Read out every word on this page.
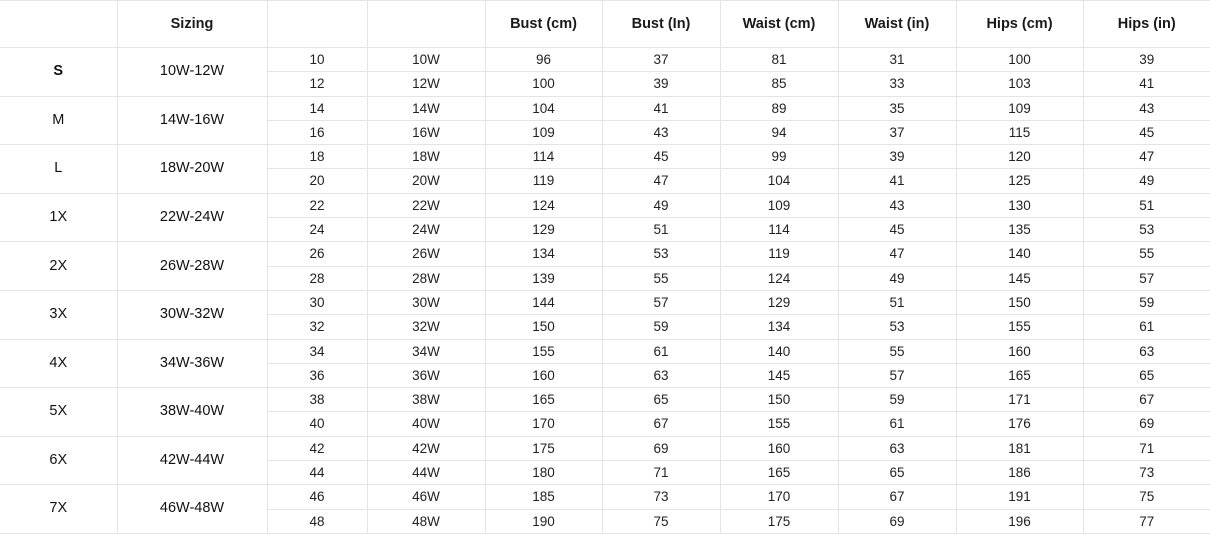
	Sizing			Bust (cm)	Bust (In)	Waist (cm)	Waist (in)	Hips (cm)	Hips (in)
S	10W-12W	10	10W	96	37	81	31	100	39
		12	12W	100	39	85	33	103	41
M	14W-16W	14	14W	104	41	89	35	109	43
		16	16W	109	43	94	37	115	45
L	18W-20W	18	18W	114	45	99	39	120	47
		20	20W	119	47	104	41	125	49
1X	22W-24W	22	22W	124	49	109	43	130	51
		24	24W	129	51	114	45	135	53
2X	26W-28W	26	26W	134	53	119	47	140	55
		28	28W	139	55	124	49	145	57
3X	30W-32W	30	30W	144	57	129	51	150	59
		32	32W	150	59	134	53	155	61
4X	34W-36W	34	34W	155	61	140	55	160	63
		36	36W	160	63	145	57	165	65
5X	38W-40W	38	38W	165	65	150	59	171	67
		40	40W	170	67	155	61	176	69
6X	42W-44W	42	42W	175	69	160	63	181	71
		44	44W	180	71	165	65	186	73
7X	46W-48W	46	46W	185	73	170	67	191	75
		48	48W	190	75	175	69	196	77
